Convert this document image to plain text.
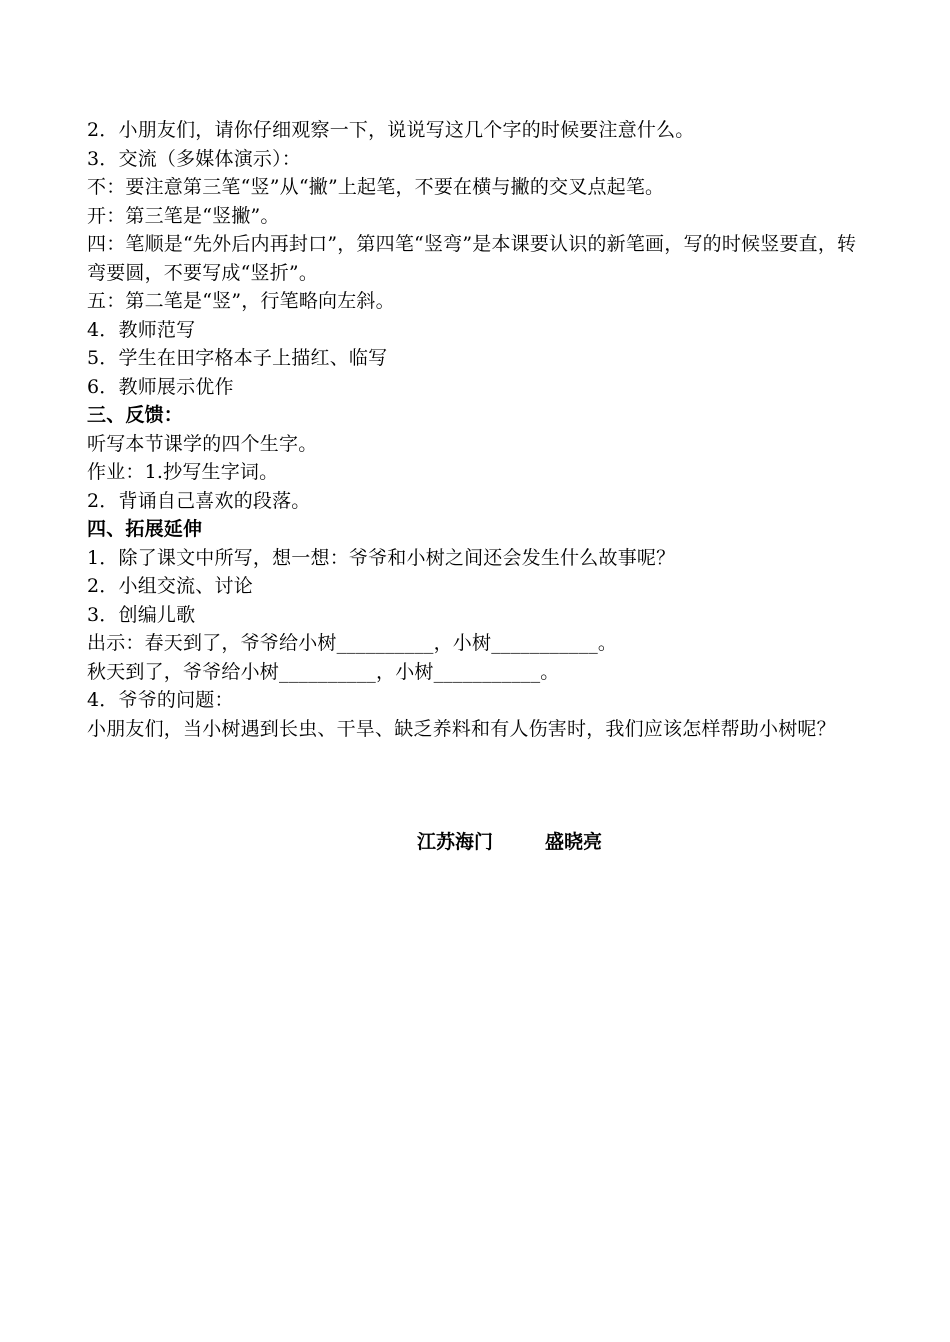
2．小朋友们，请你仔细观察一下，说说写这几个字的时候要注意什么。
3．交流（多媒体演示）：
不：要注意第三笔“竖”从“撇”上起笔，不要在横与撇的交叉点起笔。
开：第三笔是“竖撇”。
四：笔顺是“先外后内再封口”，第四笔“竖弯”是本课要认识的新笔画，写的时候竖要直，转弯要圆，不要写成“竖折”。
五：第二笔是“竖”，行笔略向左斜。
4．教师范写
5．学生在田字格本子上描红、临写
6．教师展示优作
三、反馈：
听写本节课学的四个生字。
作业：1.抄写生字词。
2．背诵自己喜欢的段落。
四、拓展延伸
1．除了课文中所写，想一想：爷爷和小树之间还会发生什么故事呢？
2．小组交流、讨论
3．创编儿歌
出示：春天到了，爷爷给小树__________，小树___________。
秋天到了，爷爷给小树__________，小树___________。
4．爷爷的问题：
小朋友们，当小树遇到长虫、干旱、缺乏养料和有人伤害时，我们应该怎样帮助小树呢？
江苏海门	盛晓亮
